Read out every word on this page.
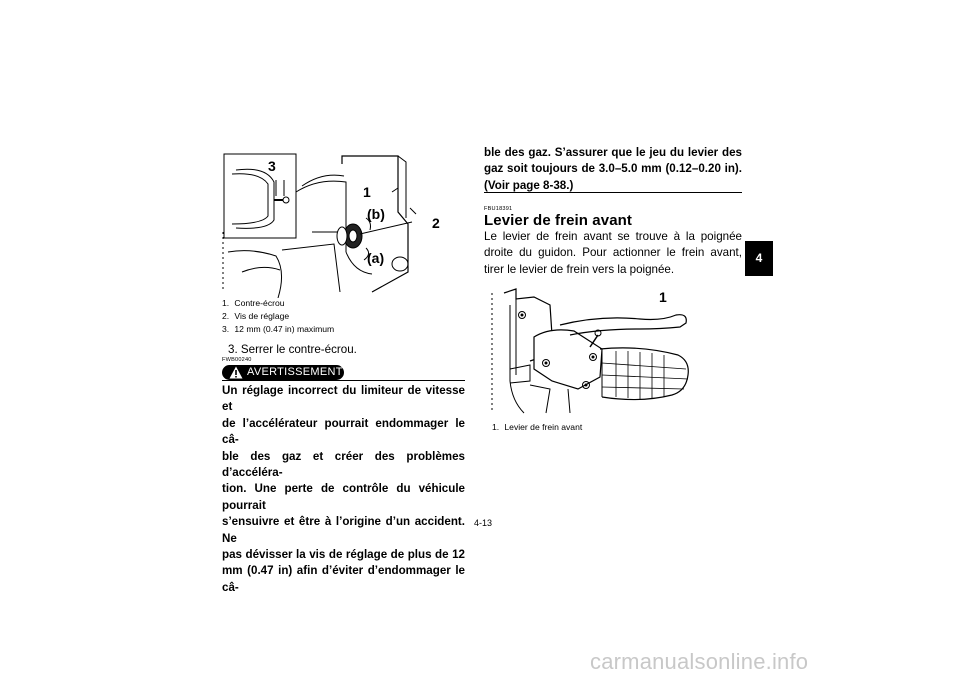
3
1
(b)
2
(a)
1. Contre-écrou
2. Vis de réglage
3. 12 mm (0.47 in) maximum
3. Serrer le contre-écrou.
FWB00240
AVERTISSEMENT
Un réglage incorrect du limiteur de vitesse et
de l’accélérateur pourrait endommager le câ-
ble des gaz et créer des problèmes d’accéléra-
tion. Une perte de contrôle du véhicule pourrait
s’ensuivre et être à l’origine d’un accident. Ne
pas dévisser la vis de réglage de plus de 12
mm (0.47 in) afin d’éviter d’endommager le câ-
ble des gaz. S’assurer que le jeu du levier des
gaz soit toujours de 3.0–5.0 mm (0.12–0.20 in).
(Voir page 8-38.)
FBU18391
Levier de frein avant
Le levier de frein avant se trouve à la poignée droite du guidon. Pour actionner le frein avant, tirer le levier de frein vers la poignée.
1
1. Levier de frein avant
4-13
4
carmanualsonline.info
